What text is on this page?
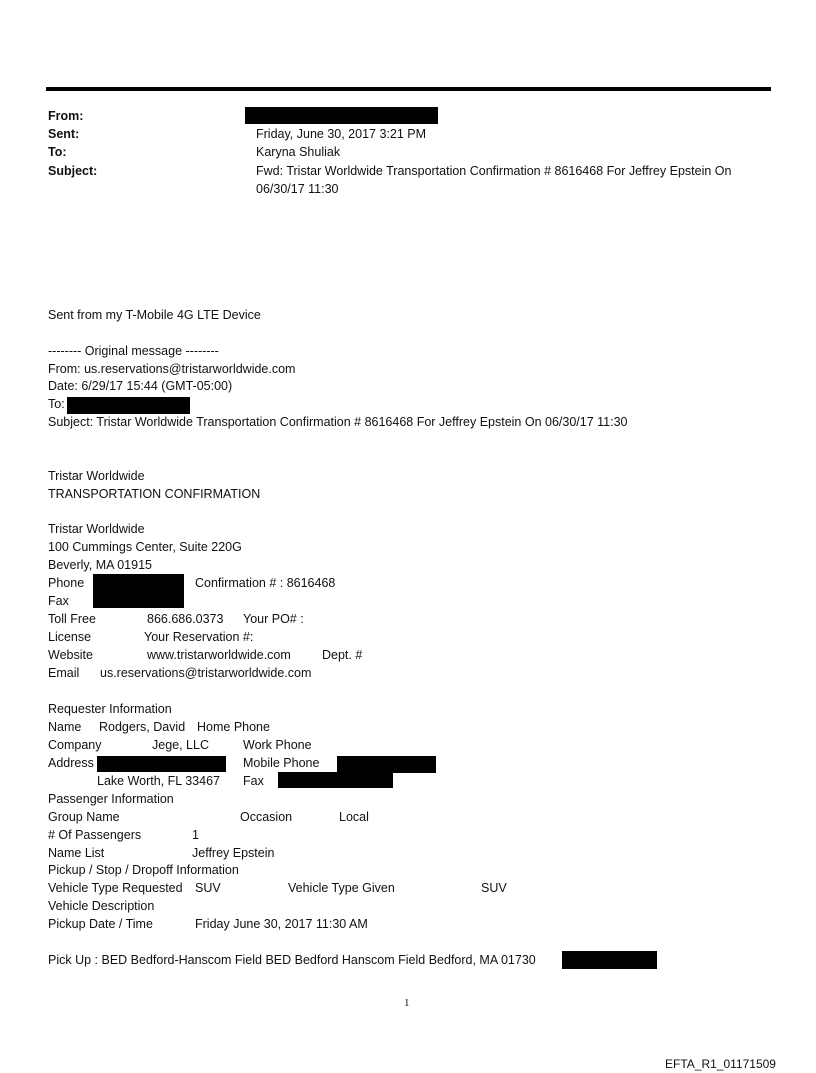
From:
Sent:	Friday, June 30, 2017 3:21 PM
To:	Karyna Shuliak
Subject:	Fwd: Tristar Worldwide Transportation Confirmation # 8616468 For Jeffrey Epstein On
06/30/17 11:30
Sent from my T-Mobile 4G LTE Device
-------- Original message --------
From: us.reservations@tristarworldwide.com
Date: 6/29/17 15:44 (GMT-05:00)
To:
Subject: Tristar Worldwide Transportation Confirmation # 8616468 For Jeffrey Epstein On 06/30/17 11:30
Tristar Worldwide
TRANSPORTATION CONFIRMATION
Tristar Worldwide
100 Cummings Center, Suite 220G
Beverly, MA 01915
Phone	Confirmation # : 8616468
Fax
Toll Free	866.686.0373 Your PO# :
License	Your Reservation #:
Website	www.tristarworldwide.com Dept. #
Email us.reservations@tristarworldwide.com
Requester Information
Name Rodgers, David Home Phone
Company	Jege, LLC	Work Phone
Address	Mobile Phone
Lake Worth, FL 33467 Fax
Passenger Information
Group Name	Occasion	Local
# Of Passengers	1
Name List	Jeffrey Epstein
Pickup / Stop / Dropoff Information
Vehicle Type Requested SUV	Vehicle Type Given	SUV
Vehicle Description
Pickup Date / Time	Friday June 30, 2017 11:30 AM
Pick Up : BED Bedford-Hanscom Field BED Bedford Hanscom Field Bedford, MA 01730
1
EFTA_R1_01171509
